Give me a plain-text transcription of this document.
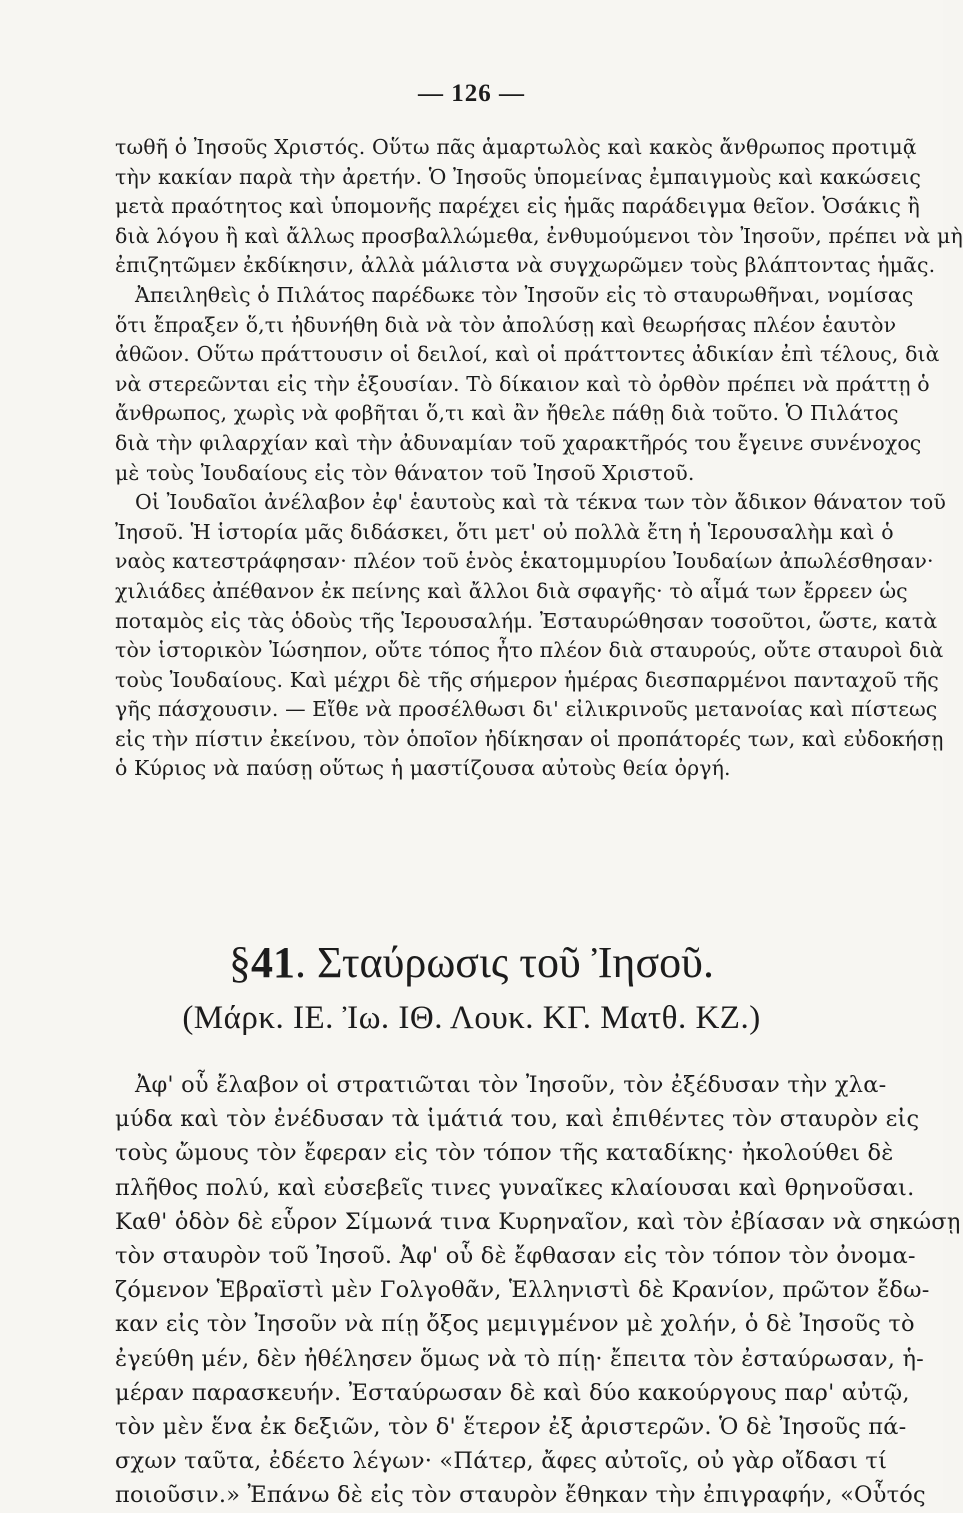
— 126 —
τωθῆ ὁ Ἰησοῦς Χριστός. Οὕτω πᾶς ἁμαρτωλὸς καὶ κακὸς ἄνθρωπος προτιμᾷ
τὴν κακίαν παρὰ τὴν ἀρετήν. Ὁ Ἰησοῦς ὑπομείνας ἐμπαιγμοὺς καὶ κακώσεις
μετὰ πραότητος καὶ ὑπομονῆς παρέχει εἰς ἡμᾶς παράδειγμα θεῖον. Ὁσάκις ἢ
διὰ λόγου ἢ καὶ ἄλλως προσβαλλώμεθα, ἐνθυμούμενοι τὸν Ἰησοῦν, πρέπει νὰ μὴ
ἐπιζητῶμεν ἐκδίκησιν, ἀλλὰ μάλιστα νὰ συγχωρῶμεν τοὺς βλάπτοντας ἡμᾶς.
Ἀπειληθεὶς ὁ Πιλάτος παρέδωκε τὸν Ἰησοῦν εἰς τὸ σταυρωθῆναι, νομίσας
ὅτι ἔπραξεν ὅ,τι ἠδυνήθη διὰ νὰ τὸν ἀπολύσῃ καὶ θεωρήσας πλέον ἑαυτὸν
ἀθῶον. Οὕτω πράττουσιν οἱ δειλοί, καὶ οἱ πράττοντες ἀδικίαν ἐπὶ τέλους, διὰ
νὰ στερεῶνται εἰς τὴν ἐξουσίαν. Τὸ δίκαιον καὶ τὸ ὀρθὸν πρέπει νὰ πράττῃ ὁ
ἄνθρωπος, χωρὶς νὰ φοβῆται ὅ,τι καὶ ἂν ἤθελε πάθῃ διὰ τοῦτο. Ὁ Πιλάτος
διὰ τὴν φιλαρχίαν καὶ τὴν ἀδυναμίαν τοῦ χαρακτῆρός του ἔγεινε συνένοχος
μὲ τοὺς Ἰουδαίους εἰς τὸν θάνατον τοῦ Ἰησοῦ Χριστοῦ.
Οἱ Ἰουδαῖοι ἀνέλαβον ἐφ' ἑαυτοὺς καὶ τὰ τέκνα των τὸν ἄδικον θάνατον τοῦ
Ἰησοῦ. Ἡ ἱστορία μᾶς διδάσκει, ὅτι μετ' οὐ πολλὰ ἔτη ἡ Ἱερουσαλὴμ καὶ ὁ
ναὸς κατεστράφησαν· πλέον τοῦ ἑνὸς ἑκατομμυρίου Ἰουδαίων ἀπωλέσθησαν·
χιλιάδες ἀπέθανον ἐκ πείνης καὶ ἄλλοι διὰ σφαγῆς· τὸ αἷμά των ἔρρεεν ὡς
ποταμὸς εἰς τὰς ὁδοὺς τῆς Ἱερουσαλήμ. Ἐσταυρώθησαν τοσοῦτοι, ὥστε, κατὰ
τὸν ἱστορικὸν Ἰώσηπον, οὔτε τόπος ἦτο πλέον διὰ σταυρούς, οὔτε σταυροὶ διὰ
τοὺς Ἰουδαίους. Καὶ μέχρι δὲ τῆς σήμερον ἡμέρας διεσπαρμένοι πανταχοῦ τῆς
γῆς πάσχουσιν. — Εἴθε νὰ προσέλθωσι δι' εἰλικρινοῦς μετανοίας καὶ πίστεως
εἰς τὴν πίστιν ἐκείνου, τὸν ὁποῖον ἠδίκησαν οἱ προπάτορές των, καὶ εὐδοκήσῃ
ὁ Κύριος νὰ παύσῃ οὕτως ἡ μαστίζουσα αὐτοὺς θεία ὀργή.
§41. Σταύρωσις τοῦ Ἰησοῦ.
(Μάρκ. ΙΕ. Ἰω. ΙΘ. Λουκ. ΚΓ. Ματθ. ΚΖ.)
Ἀφ' οὗ ἔλαβον οἱ στρατιῶται τὸν Ἰησοῦν, τὸν ἐξέδυσαν τὴν χλα-
μύδα καὶ τὸν ἐνέδυσαν τὰ ἱμάτιά του, καὶ ἐπιθέντες τὸν σταυρὸν εἰς
τοὺς ὤμους τὸν ἔφεραν εἰς τὸν τόπον τῆς καταδίκης· ἠκολούθει δὲ
πλῆθος πολύ, καὶ εὐσεβεῖς τινες γυναῖκες κλαίουσαι καὶ θρηνοῦσαι.
Καθ' ὁδὸν δὲ εὗρον Σίμωνά τινα Κυρηναῖον, καὶ τὸν ἐβίασαν νὰ σηκώσῃ
τὸν σταυρὸν τοῦ Ἰησοῦ. Ἀφ' οὗ δὲ ἔφθασαν εἰς τὸν τόπον τὸν ὀνομα-
ζόμενον Ἑβραϊστὶ μὲν Γολγοθᾶν, Ἑλληνιστὶ δὲ Κρανίον, πρῶτον ἔδω-
καν εἰς τὸν Ἰησοῦν νὰ πίῃ ὄξος μεμιγμένον μὲ χολήν, ὁ δὲ Ἰησοῦς τὸ
ἐγεύθη μέν, δὲν ἠθέλησεν ὅμως νὰ τὸ πίῃ· ἔπειτα τὸν ἐσταύρωσαν, ἡ-
μέραν παρασκευήν. Ἐσταύρωσαν δὲ καὶ δύο κακούργους παρ' αὐτῷ,
τὸν μὲν ἕνα ἐκ δεξιῶν, τὸν δ' ἕτερον ἐξ ἀριστερῶν. Ὁ δὲ Ἰησοῦς πά-
σχων ταῦτα, ἐδέετο λέγων· «Πάτερ, ἄφες αὐτοῖς, οὐ γὰρ οἴδασι τί
ποιοῦσιν.» Ἐπάνω δὲ εἰς τὸν σταυρὸν ἔθηκαν τὴν ἐπιγραφήν, «Οὗτός
